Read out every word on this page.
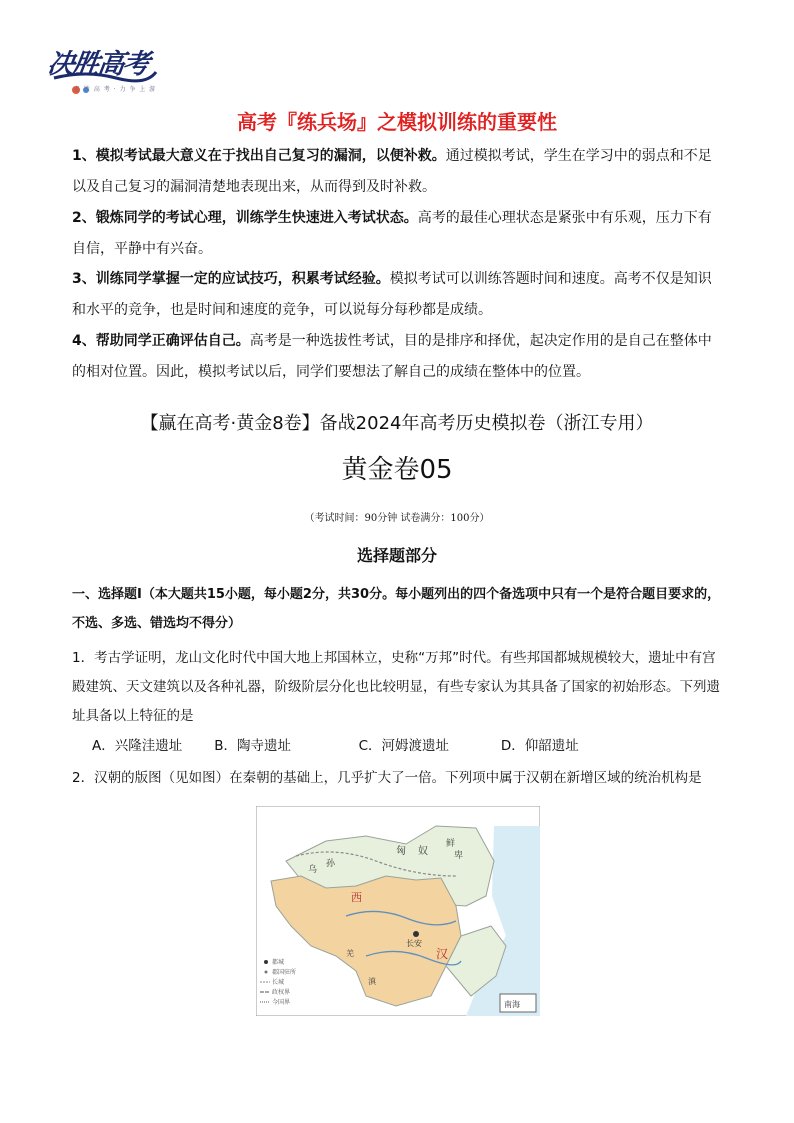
决胜高考
必 胜 高 考 · 力 争 上 游
高考『练兵场』之模拟训练的重要性
1、模拟考试最大意义在于找出自己复习的漏洞，以便补救。通过模拟考试，学生在学习中的弱点和不足以及自己复习的漏洞清楚地表现出来，从而得到及时补救。
2、锻炼同学的考试心理，训练学生快速进入考试状态。高考的最佳心理状态是紧张中有乐观，压力下有自信，平静中有兴奋。
3、训练同学掌握一定的应试技巧，积累考试经验。模拟考试可以训练答题时间和速度。高考不仅是知识和水平的竞争，也是时间和速度的竞争，可以说每分每秒都是成绩。
4、帮助同学正确评估自己。高考是一种选拔性考试，目的是排序和择优，起决定作用的是自己在整体中的相对位置。因此，模拟考试以后，同学们要想法了解自己的成绩在整体中的位置。
【赢在高考·黄金8卷】备战2024年高考历史模拟卷（浙江专用）
黄金卷05
（考试时间：90分钟 试卷满分：100分）
选择题部分
一、选择题Ⅰ（本大题共15小题，每小题2分，共30分。每小题列出的四个备选项中只有一个是符合题目要求的，不选、多选、错选均不得分）
1．考古学证明，龙山文化时代中国大地上邦国林立，史称“万邦”时代。有些邦国都城规模较大，遗址中有宫殿建筑、天文建筑以及各种礼器，阶级阶层分化也比较明显，有些专家认为其具备了国家的初始形态。下列遗址具备以上特征的是
A．兴隆洼遗址 B．陶寺遗址	C．河姆渡遗址	D．仰韶遗址
2．汉朝的版图（见如图）在秦朝的基础上，几乎扩大了一倍。下列项中属于汉朝在新增区域的统治机构是
乌
孙
匈 奴
鲜
卑
西
长安
汉
羌
滇
南海
都城
郡国驻所
长城
政权界
今国界
